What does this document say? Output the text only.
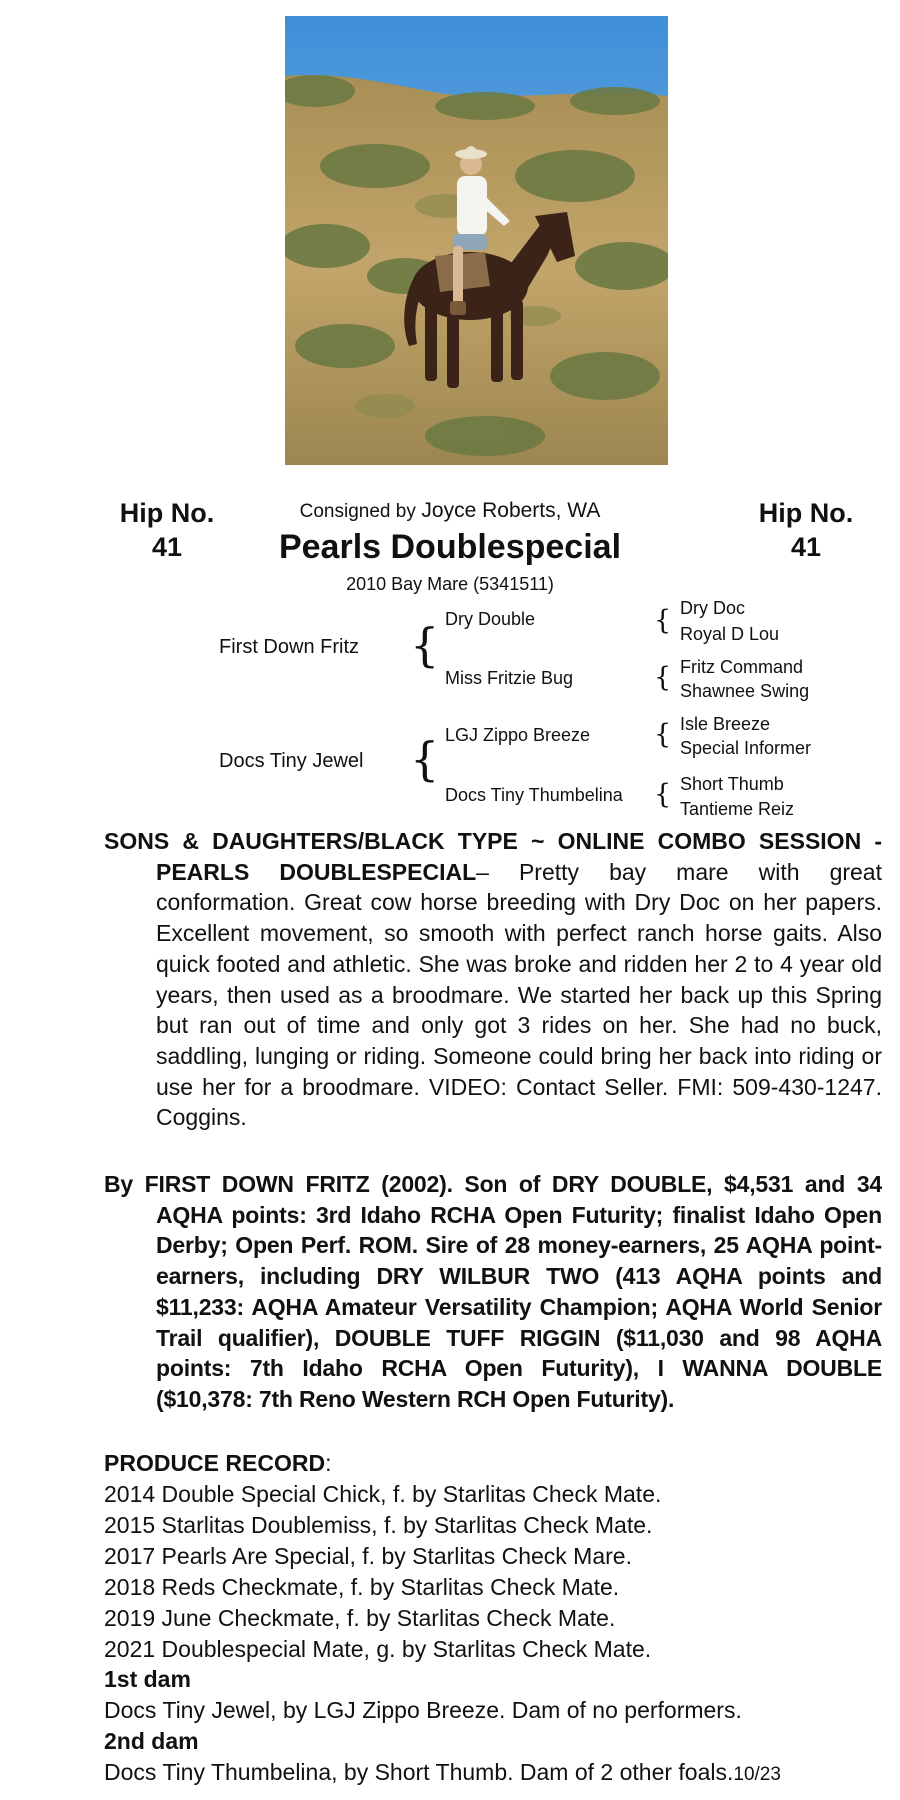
Hip No.
41
Hip No.
41
Consigned by Joyce Roberts, WA
Pearls Doublespecial
2010 Bay Mare (5341511)
First Down Fritz { Dry Double
Miss Fritzie Bug
{ Dry Doc
Royal D Lou
{ Fritz Command
Shawnee Swing
Docs Tiny Jewel { LGJ Zippo Breeze
Docs Tiny Thumbelina
{ Isle Breeze
Special Informer
{ Short Thumb
Tantieme Reiz
SONS & DAUGHTERS/BLACK TYPE ~ ONLINE COMBO SESSION - PEARLS DOUBLESPECIAL– Pretty bay mare with great conformation. Great cow horse breeding with Dry Doc on her papers. Excellent movement, so smooth with perfect ranch horse gaits. Also quick footed and athletic. She was broke and ridden her 2 to 4 year old years, then used as a broodmare. We started her back up this Spring but ran out of time and only got 3 rides on her. She had no buck, saddling, lunging or riding. Someone could bring her back into riding or use her for a broodmare. VIDEO: Contact Seller. FMI: 509-430-1247. Coggins.
By FIRST DOWN FRITZ (2002). Son of DRY DOUBLE, $4,531 and 34 AQHA points: 3rd Idaho RCHA Open Futurity; finalist Idaho Open Derby; Open Perf. ROM. Sire of 28 money-earners, 25 AQHA point-earners, including DRY WILBUR TWO (413 AQHA points and $11,233: AQHA Amateur Versatility Champion; AQHA World Senior Trail qualifier), DOUBLE TUFF RIGGIN ($11,030 and 98 AQHA points: 7th Idaho RCHA Open Futurity), I WANNA DOUBLE ($10,378: 7th Reno Western RCH Open Futurity).
PRODUCE RECORD:
2014 Double Special Chick, f. by Starlitas Check Mate.
2015 Starlitas Doublemiss, f. by Starlitas Check Mate.
2017 Pearls Are Special, f. by Starlitas Check Mare.
2018 Reds Checkmate, f. by Starlitas Check Mate.
2019 June Checkmate, f. by Starlitas Check Mate.
2021 Doublespecial Mate, g. by Starlitas Check Mate.
1st dam
Docs Tiny Jewel, by LGJ Zippo Breeze. Dam of no performers.
2nd dam
Docs Tiny Thumbelina, by Short Thumb. Dam of 2 other foals.10/23
